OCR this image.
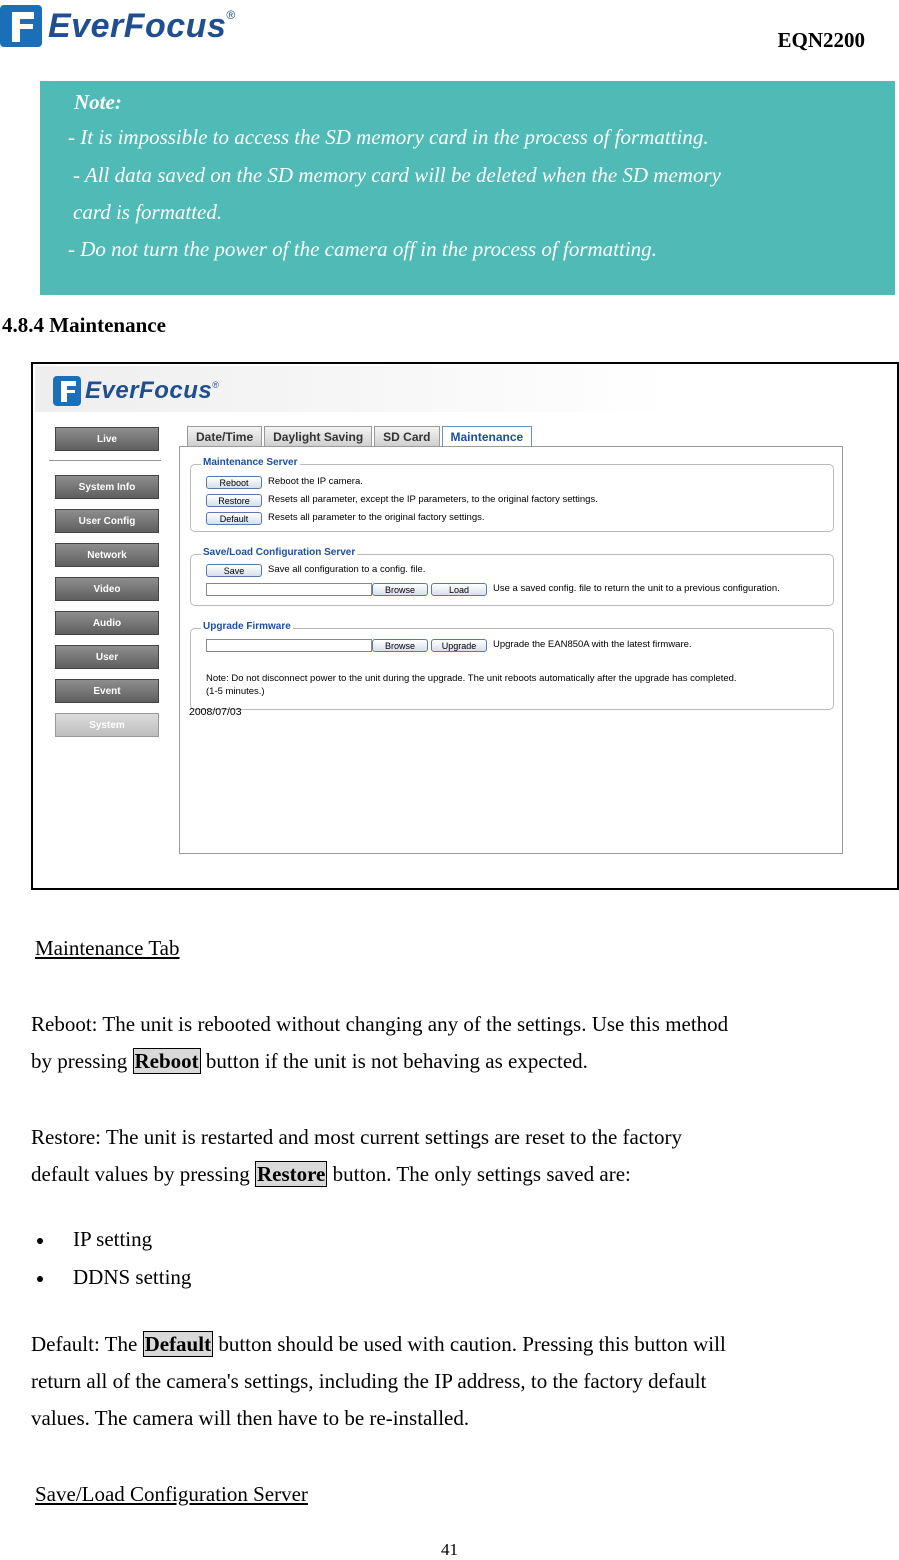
EverFocus ®
EQN2200
Note:
- It is impossible to access the SD memory card in the process of formatting.
- All data saved on the SD memory card will be deleted when the SD memory
card is formatted.
- Do not turn the power of the camera off in the process of formatting.
4.8.4 Maintenance
EverFocus ®
Live
System Info
User Config
Network
Video
Audio
User
Event
System
Date/Time	Daylight Saving	SD Card	Maintenance
Maintenance Server
Reboot	Reboot the IP camera.
Restore	Resets all parameter, except the IP parameters, to the original factory settings.
Default	Resets all parameter to the original factory settings.
Save/Load Configuration Server
Save	Save all configuration to a config. file.
Browse	Load	Use a saved config. file to return the unit to a previous configuration.
Upgrade Firmware
Browse	Upgrade	Upgrade the EAN850A with the latest firmware.
Note: Do not disconnect power to the unit during the upgrade. The unit reboots automatically after the upgrade has completed.
(1-5 minutes.)
2008/07/03
Maintenance Tab
Reboot: The unit is rebooted without changing any of the settings. Use this method
by pressing Reboot button if the unit is not behaving as expected.
Restore: The unit is restarted and most current settings are reset to the factory
default values by pressing Restore button. The only settings saved are:
IP setting
DDNS setting
Default: The Default button should be used with caution. Pressing this button will
return all of the camera's settings, including the IP address, to the factory default
values. The camera will then have to be re-installed.
Save/Load Configuration Server
41
